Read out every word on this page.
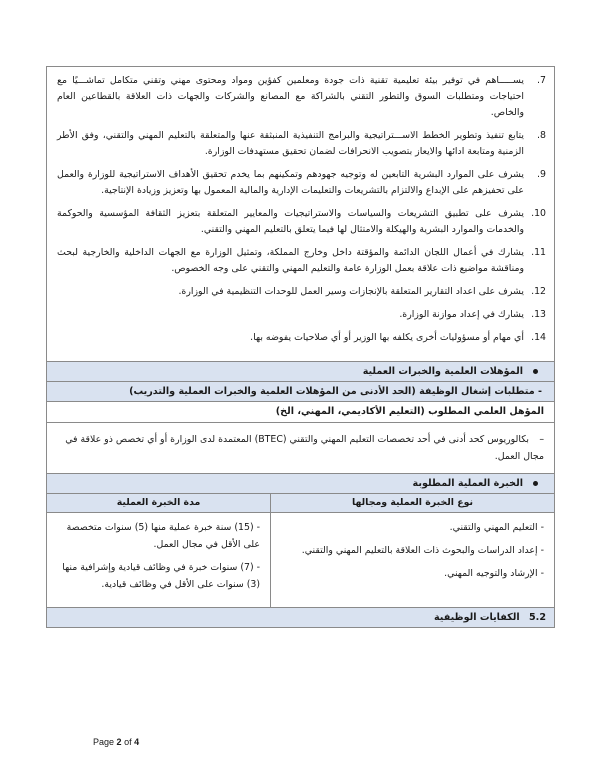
7.
يســـــاهم في توفير بيئة تعليمية تقنية ذات جودة ومعلمين كفؤين ومواد ومحتوى مهني وتقني متكامل تماشـــيًا مع احتياجات ومتطلبات السوق والتطور التقني بالشراكة مع المصانع والشركات والجهات ذات العلاقة بالقطاعين العام والخاص.
8.
يتابع تنفيذ وتطوير الخطط الاســـتراتيجية والبرامج التنفيذية المنبثقة عنها والمتعلقة بالتعليم المهني والتقني، وفق الأطر الزمنية ومتابعة ادائها والايعاز بتصويب الانحرافات لضمان تحقيق مستهدفات الوزارة.
9.
يشرف على الموارد البشرية التابعين له وتوجيه جهودهم وتمكينهم بما يخدم تحقيق الأهداف الاستراتيجية للوزارة والعمل على تحفيزهم على الإبداع والالتزام بالتشريعات والتعليمات الإدارية والمالية المعمول بها وتعزيز وزيادة الإنتاجية.
10.
يشرف على تطبيق التشريعات والسياسات والاستراتيجيات والمعايير المتعلقة بتعزيز الثقافة المؤسسية والحوكمة والخدمات والموارد البشرية والهيكلة والامتثال لها فيما يتعلق بالتعليم المهني والتقني.
11.
يشارك في أعمال اللجان الدائمة والمؤقتة داخل وخارج المملكة، وتمثيل الوزارة مع الجهات الداخلية والخارجية لبحث ومناقشة مواضيع ذات علاقة بعمل الوزارة عامة والتعليم المهني والتقني على وجه الخصوص.
12.
يشرف على اعداد التقارير المتعلقة بالإنجازات وسير العمل للوحدات التنظيمية في الوزارة.
13.
يشارك في إعداد موازنة الوزارة.
14.
أي مهام أو مسؤوليات أخرى يكلفه بها الوزير أو أي صلاحيات يفوضه بها.
المؤهلات العلمية والخبرات العملية
- متطلبات إشغال الوظيفة (الحد الأدنى من المؤهلات العلمية والخبرات العملية والتدريب)
المؤهل العلمي المطلوب (التعليم الأكاديمي، المهني، الخ)
– بكالوريوس كحد أدنى في أحد تخصصات التعليم المهني والتقني (BTEC) المعتمدة لدى الوزارة أو أي تخصص ذو علاقة في مجال العمل.
الخبرة العملية المطلوبة
نوع الخبرة العملية ومجالها
- التعليم المهني والتقني.
- إعداد الدراسات والبحوث ذات العلاقة بالتعليم المهني والتقني.
- الإرشاد والتوجيه المهني.
مدة الخبرة العملية
- (15) سنة خبرة عملية منها (5) سنوات متخصصة على الأقل في مجال العمل.
- (7) سنوات خبرة في وظائف قيادية وإشرافية منها (3) سنوات على الأقل في وظائف قيادية.
5.2 الكفايات الوظيفية
Page 2 of 4
